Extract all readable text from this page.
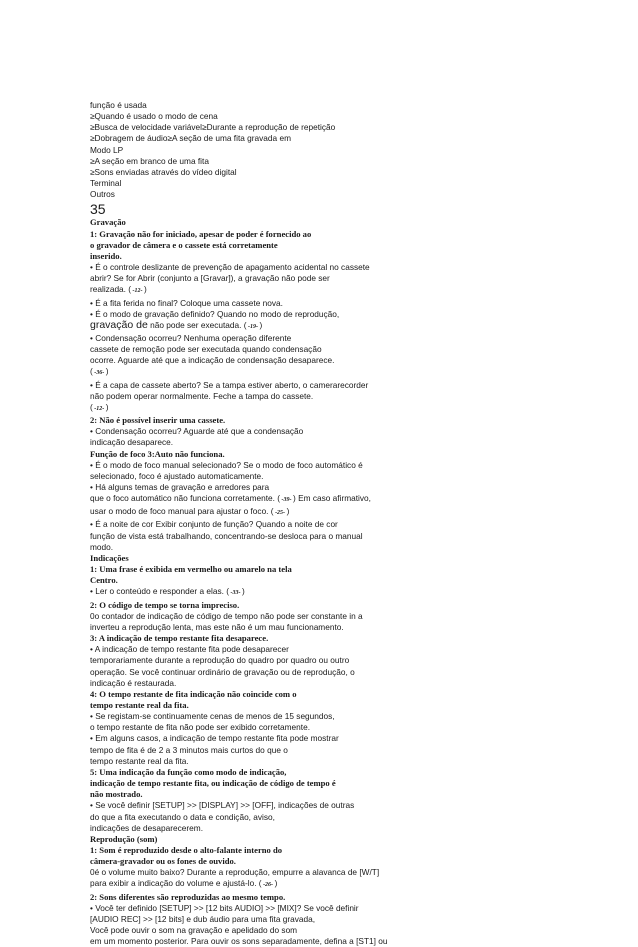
função é usada
≥Quando é usado o modo de cena
≥Busca de velocidade variável≥Durante a reprodução de repetição
≥Dobragem de áudio≥A seção de uma fita gravada em
Modo LP
≥A seção em branco de uma fita
≥Sons enviadas através do vídeo digital
Terminal
Outros
35
Gravação
1: Gravação não for iniciado, apesar de poder é fornecido ao
o gravador de câmera e o cassete está corretamente
inserido.
• É o controle deslizante de prevenção de apagamento acidental no cassete
abrir? Se for Abrir (conjunto a [Gravar]), a gravação não pode ser
realizada. ( -12- )
• É a fita ferida no final? Coloque uma cassete nova.
• É o modo de gravação definido? Quando no modo de reprodução,
gravação de não pode ser executada. ( -19- )
• Condensação ocorreu? Nenhuma operação diferente
cassete de remoção pode ser executada quando condensação
ocorre. Aguarde até que a indicação de condensação desaparece.
( -36- )
• É a capa de cassete aberto? Se a tampa estiver aberto, o camerarecorder
não podem operar normalmente. Feche a tampa do cassete.
( -12- )
2: Não é possível inserir uma cassete.
• Condensação ocorreu? Aguarde até que a condensação
indicação desaparece.
Função de foco 3:Auto não funciona.
• É o modo de foco manual selecionado? Se o modo de foco automático é
selecionado, foco é ajustado automaticamente.
• Há alguns temas de gravação e arredores para
que o foco automático não funciona corretamente. ( -39- ) Em caso afirmativo,
usar o modo de foco manual para ajustar o foco. ( -25- )
• É a noite de cor Exibir conjunto de função? Quando a noite de cor
função de vista está trabalhando, concentrando-se desloca para o manual
modo.
Indicações
1: Uma frase é exibida em vermelho ou amarelo na tela
Centro.
• Ler o conteúdo e responder a elas. ( -33- )
2: O código de tempo se torna impreciso.
0o contador de indicação de código de tempo não pode ser constante in a
inverteu a reprodução lenta, mas este não é um mau funcionamento.
3: A indicação de tempo restante fita desaparece.
• A indicação de tempo restante fita pode desaparecer
temporariamente durante a reprodução do quadro por quadro ou outro
operação. Se você continuar ordinário de gravação ou de reprodução, o
indicação é restaurada.
4: O tempo restante de fita indicação não coincide com o
tempo restante real da fita.
• Se registam-se continuamente cenas de menos de 15 segundos,
o tempo restante de fita não pode ser exibido corretamente.
• Em alguns casos, a indicação de tempo restante fita pode mostrar
tempo de fita é de 2 a 3 minutos mais curtos do que o
tempo restante real da fita.
5: Uma indicação da função como modo de indicação,
indicação de tempo restante fita, ou indicação de código de tempo é
não mostrado.
• Se você definir [SETUP] >> [DISPLAY] >> [OFF], indicações de outras
do que a fita executando o data e condição, aviso,
indicações de desaparecerem.
Reprodução (som)
1: Som é reproduzido desde o alto-falante interno do
câmera-gravador ou os fones de ouvido.
0é o volume muito baixo? Durante a reprodução, empurre a alavanca de [W/T]
para exibir a indicação do volume e ajustá-lo. ( -26- )
2: Sons diferentes são reproduzidas ao mesmo tempo.
• Você ter definido [SETUP] >> [12 bits AUDIO] >> [MIX]? Se você definir
[AUDIO REC] >> [12 bits] e dub áudio para uma fita gravada,
Você pode ouvir o som na gravação e apelidado do som
em um momento posterior. Para ouvir os sons separadamente, defina a [ST1] ou
